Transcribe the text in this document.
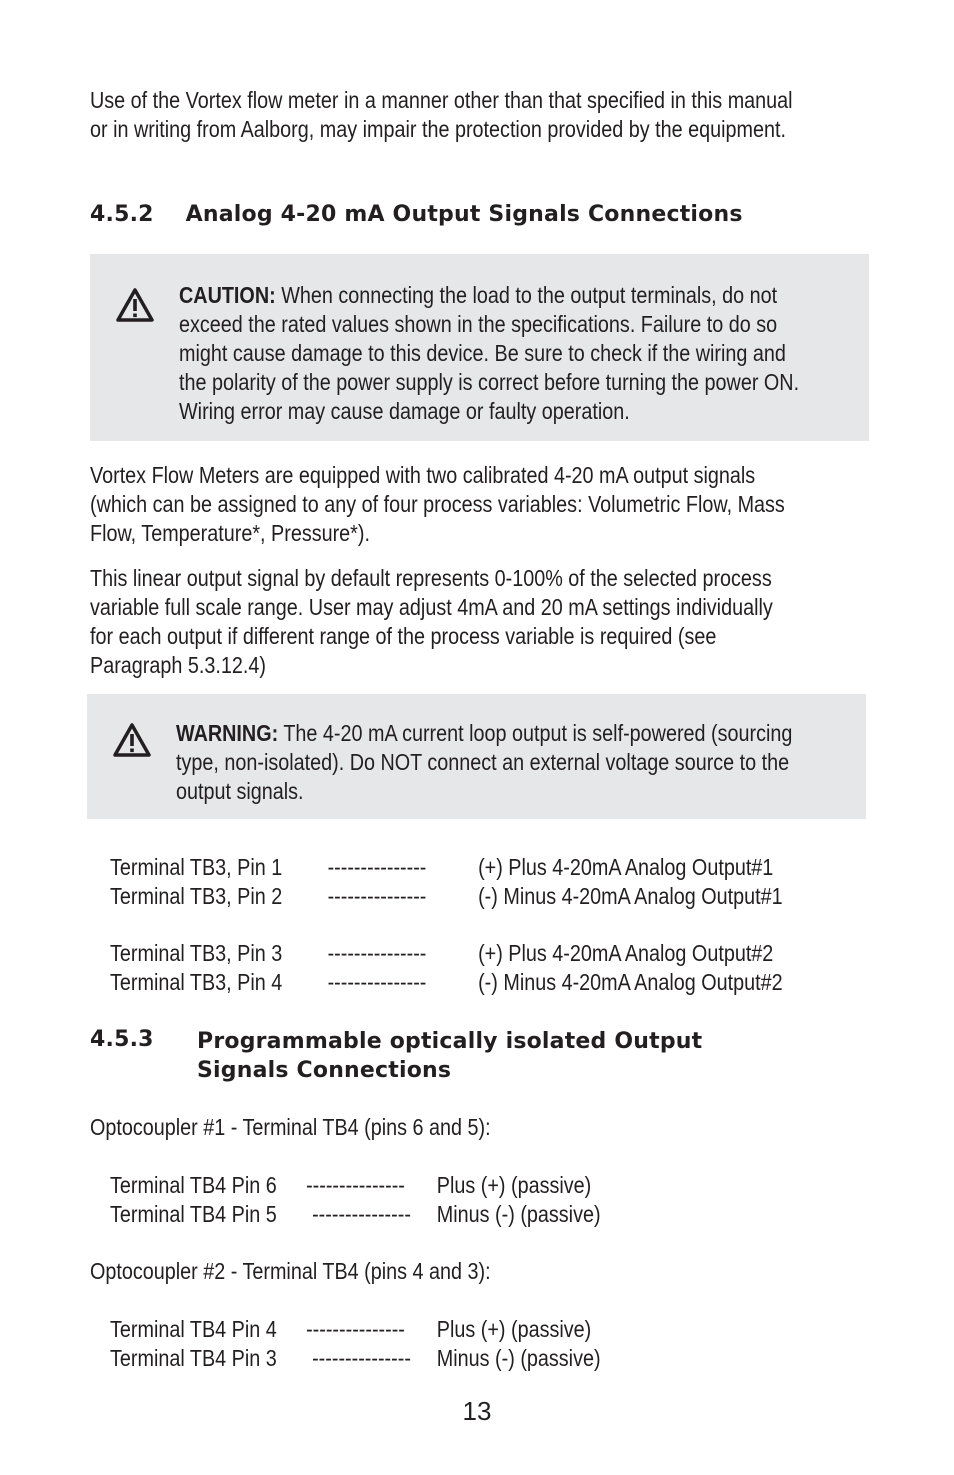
Use of the Vortex flow meter in a manner other than that specified in this manual
or in writing from Aalborg, may impair the protection provided by the equipment.
4.5.2 Analog 4-20 mA Output Signals Connections
CAUTION: When connecting the load to the output terminals, do not
exceed the rated values shown in the specifications. Failure to do so
might cause damage to this device. Be sure to check if the wiring and
the polarity of the power supply is correct before turning the power ON.
Wiring error may cause damage or faulty operation.
Vortex Flow Meters are equipped with two calibrated 4-20 mA output signals
(which can be assigned to any of four process variables: Volumetric Flow, Mass
Flow, Temperature*, Pressure*).
This linear output signal by default represents 0-100% of the selected process
variable full scale range. User may adjust 4mA and 20 mA settings individually
for each output if different range of the process variable is required (see
Paragraph 5.3.12.4)
WARNING: The 4-20 mA current loop output is self-powered (sourcing
type, non-isolated). Do NOT connect an external voltage source to the
output signals.
Terminal TB3, Pin 1 --------------- (+) Plus 4-20mA Analog Output#1
Terminal TB3, Pin 2 --------------- (-) Minus 4-20mA Analog Output#1
Terminal TB3, Pin 3 --------------- (+) Plus 4-20mA Analog Output#2
Terminal TB3, Pin 4 --------------- (-) Minus 4-20mA Analog Output#2
4.5.3 Programmable optically isolated Output
Signals Connections
Optocoupler #1 - Terminal TB4 (pins 6 and 5):
Terminal TB4 Pin 6 --------------- Plus (+) (passive)
Terminal TB4 Pin 5 --------------- Minus (-) (passive)
Optocoupler #2 - Terminal TB4 (pins 4 and 3):
Terminal TB4 Pin 4 --------------- Plus (+) (passive)
Terminal TB4 Pin 3 --------------- Minus (-) (passive)
13
